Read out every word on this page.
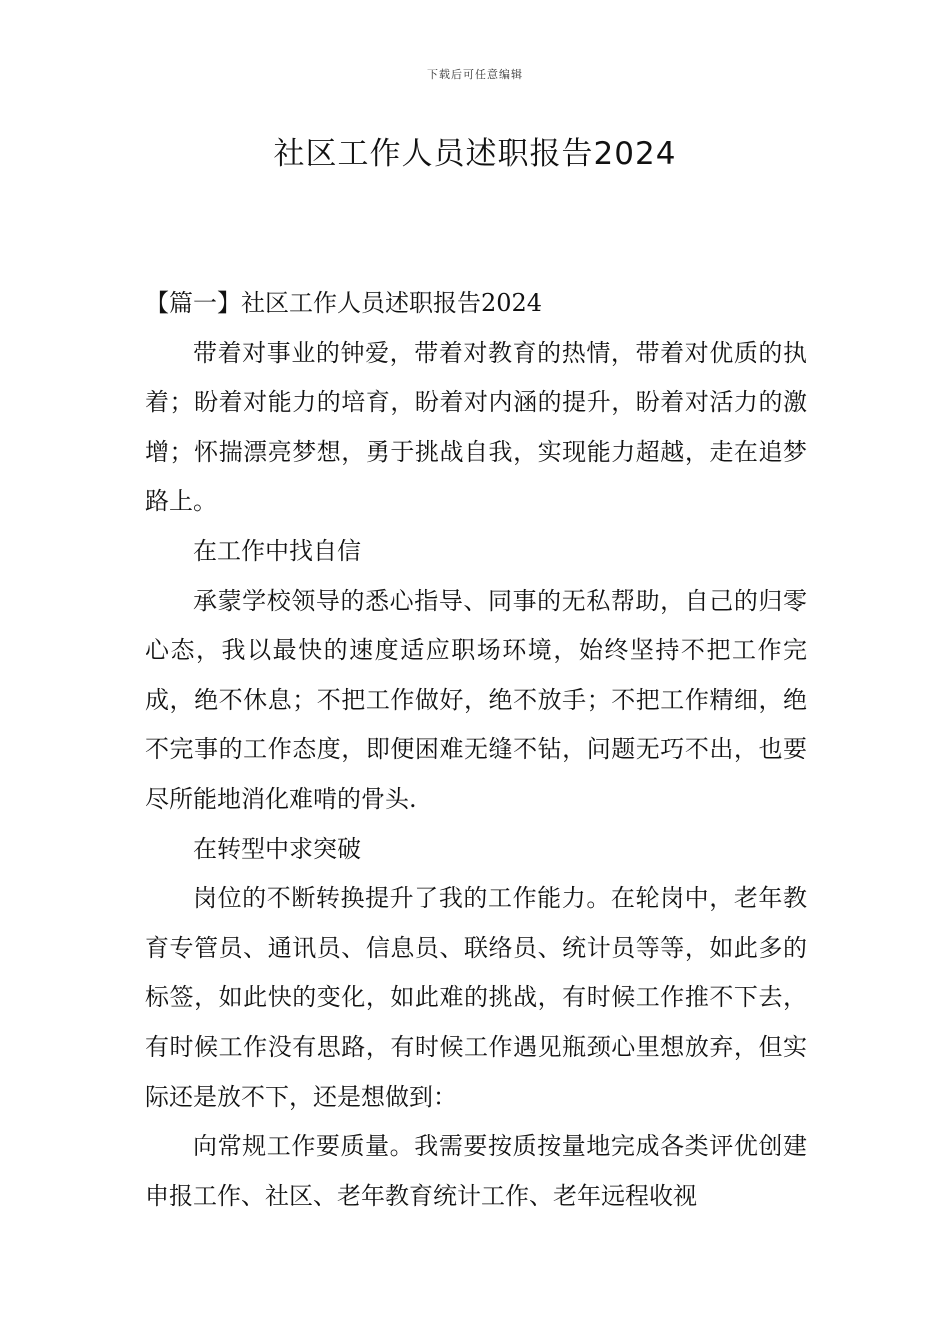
下载后可任意编辑
社区工作人员述职报告2024

【篇一】社区工作人员述职报告2024

带着对事业的钟爱，带着对教育的热情，带着对优质的执着；盼着对能力的培育，盼着对内涵的提升，盼着对活力的激增；怀揣漂亮梦想，勇于挑战自我，实现能力超越，走在追梦路上。

在工作中找自信

承蒙学校领导的悉心指导、同事的无私帮助，自己的归零心态，我以最快的速度适应职场环境，始终坚持不把工作完成，绝不休息；不把工作做好，绝不放手；不把工作精细，绝不完事的工作态度，即便困难无缝不钻，问题无巧不出，也要尽所能地消化难啃的骨头.

在转型中求突破

岗位的不断转换提升了我的工作能力。在轮岗中，老年教育专管员、通讯员、信息员、联络员、统计员等等，如此多的标签，如此快的变化，如此难的挑战，有时候工作推不下去，有时候工作没有思路，有时候工作遇见瓶颈心里想放弃，但实际还是放不下，还是想做到：

向常规工作要质量。我需要按质按量地完成各类评优创建申报工作、社区、老年教育统计工作、老年远程收视
